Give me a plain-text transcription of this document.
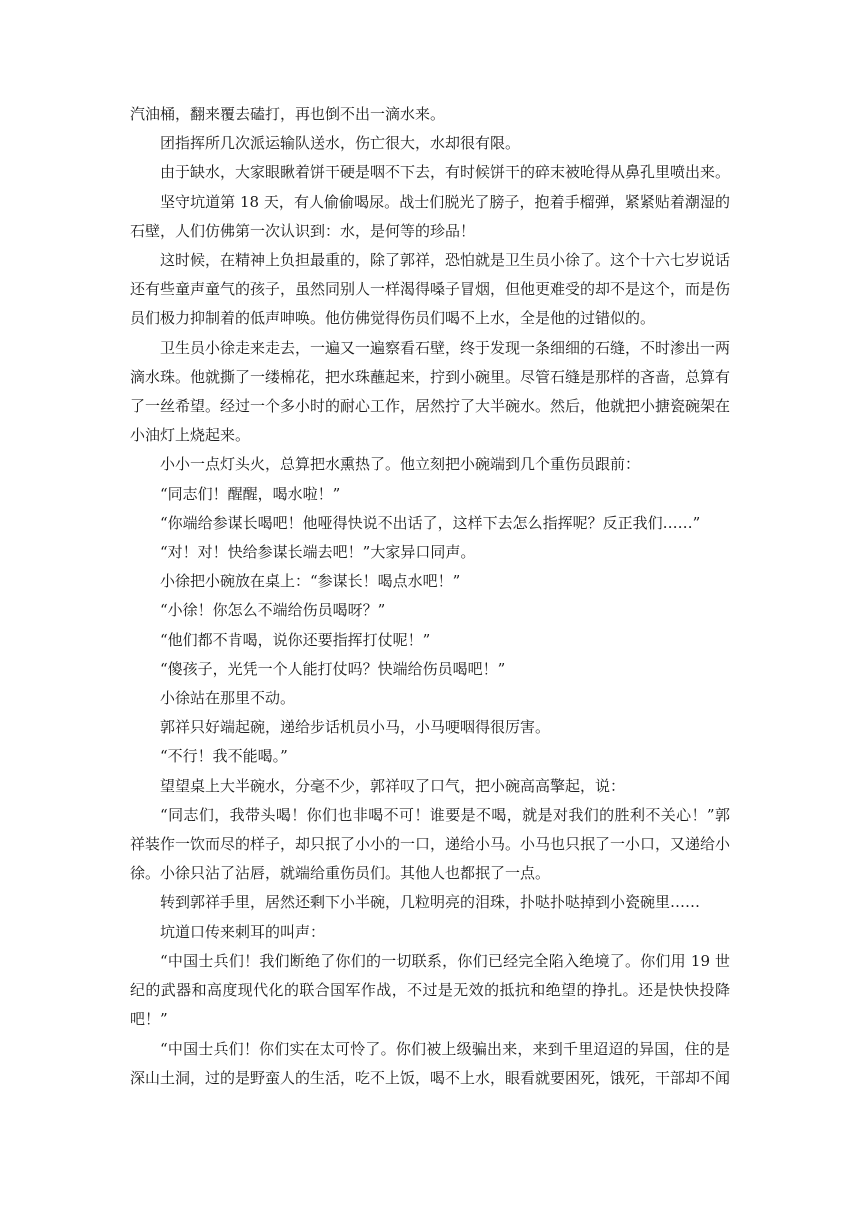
汽油桶，翻来覆去磕打，再也倒不出一滴水来。

团指挥所几次派运输队送水，伤亡很大，水却很有限。

由于缺水，大家眼瞅着饼干硬是咽不下去，有时候饼干的碎末被呛得从鼻孔里喷出来。

坚守坑道第 18 天，有人偷偷喝尿。战士们脱光了膀子，抱着手榴弹，紧紧贴着潮湿的石壁，人们仿佛第一次认识到：水，是何等的珍品！

这时候，在精神上负担最重的，除了郭祥，恐怕就是卫生员小徐了。这个十六七岁说话还有些童声童气的孩子，虽然同别人一样渴得嗓子冒烟，但他更难受的却不是这个，而是伤员们极力抑制着的低声呻唤。他仿佛觉得伤员们喝不上水，全是他的过错似的。

卫生员小徐走来走去，一遍又一遍察看石壁，终于发现一条细细的石缝，不时渗出一两滴水珠。他就撕了一缕棉花，把水珠蘸起来，拧到小碗里。尽管石缝是那样的吝啬，总算有了一丝希望。经过一个多小时的耐心工作，居然拧了大半碗水。然后，他就把小搪瓷碗架在小油灯上烧起来。

小小一点灯头火，总算把水熏热了。他立刻把小碗端到几个重伤员跟前：

“同志们！醒醒，喝水啦！”

“你端给参谋长喝吧！他哑得快说不出话了，这样下去怎么指挥呢？反正我们……”

“对！对！快给参谋长端去吧！”大家异口同声。

小徐把小碗放在桌上：“参谋长！喝点水吧！”

“小徐！你怎么不端给伤员喝呀？”

“他们都不肯喝，说你还要指挥打仗呢！”

“傻孩子，光凭一个人能打仗吗？快端给伤员喝吧！”

小徐站在那里不动。

郭祥只好端起碗，递给步话机员小马，小马哽咽得很厉害。

“不行！我不能喝。”

望望桌上大半碗水，分毫不少，郭祥叹了口气，把小碗高高擎起，说：

“同志们，我带头喝！你们也非喝不可！谁要是不喝，就是对我们的胜利不关心！”郭祥装作一饮而尽的样子，却只抿了小小的一口，递给小马。小马也只抿了一小口，又递给小徐。小徐只沾了沾唇，就端给重伤员们。其他人也都抿了一点。

转到郭祥手里，居然还剩下小半碗，几粒明亮的泪珠，扑哒扑哒掉到小瓷碗里……

坑道口传来刺耳的叫声：

“中国士兵们！我们断绝了你们的一切联系，你们已经完全陷入绝境了。你们用 19 世纪的武器和高度现代化的联合国军作战，不过是无效的抵抗和绝望的挣扎。还是快快投降吧！”

“中国士兵们！你们实在太可怜了。你们被上级骗出来，来到千里迢迢的异国，住的是深山土洞，过的是野蛮人的生活，吃不上饭，喝不上水，眼看就要困死，饿死，干部却不闻
